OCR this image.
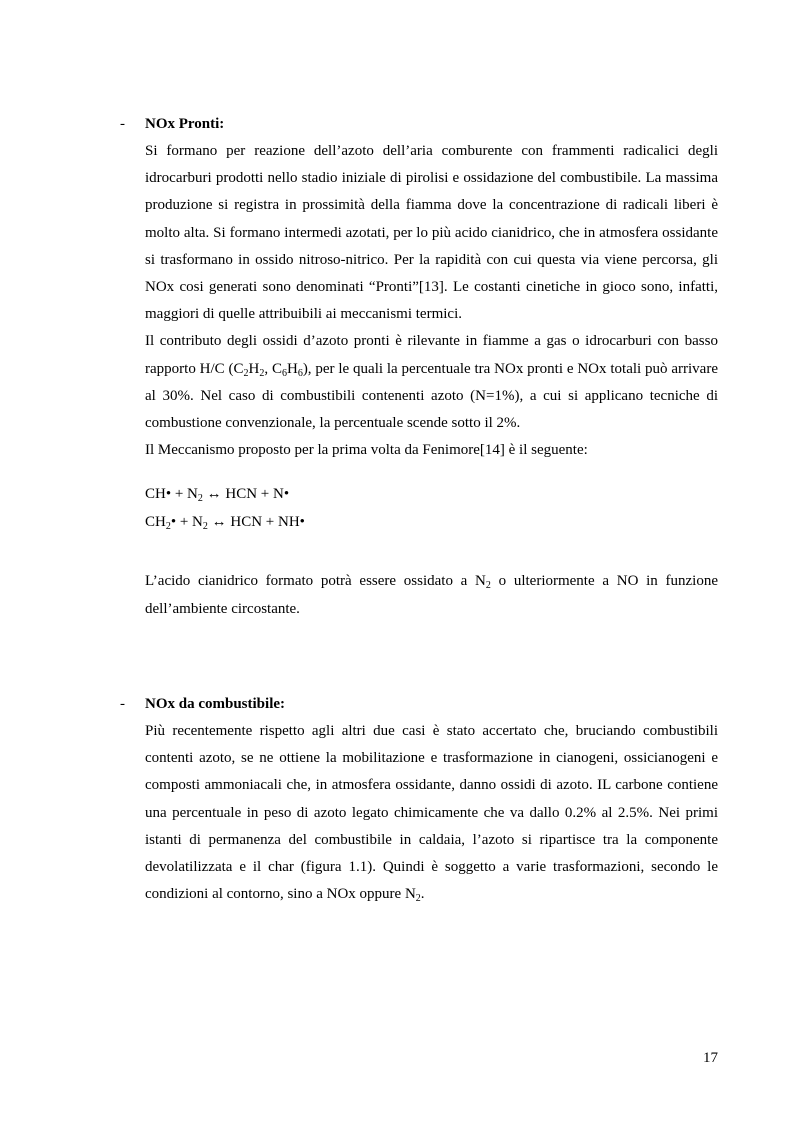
- NOx Pronti:

Si formano per reazione dell’azoto dell’aria comburente con frammenti radicalici degli idrocarburi prodotti nello stadio iniziale di pirolisi e ossidazione del combustibile. La massima produzione si registra in prossimità della fiamma dove la concentrazione di radicali liberi è molto alta. Si formano intermedi azotati, per lo più acido cianidrico, che in atmosfera ossidante si trasformano in ossido nitroso-nitrico. Per la rapidità con cui questa via viene percorsa, gli NOx cosi generati sono denominati “Pronti”[13]. Le costanti cinetiche in gioco sono, infatti, maggiori di quelle attribuibili ai meccanismi termici.

Il contributo degli ossidi d’azoto pronti è rilevante in fiamme a gas o idrocarburi con basso rapporto H/C ($C_2H_2$, $C_6H_6$), per le quali la percentuale tra NOx pronti e NOx totali può arrivare al 30%. Nel caso di combustibili contenenti azoto (N=1%), a cui si applicano tecniche di combustione convenzionale, la percentuale scende sotto il 2%.

Il Meccanismo proposto per la prima volta da Fenimore[14] è il seguente:

CH• + $N_2$ ↔ HCN + N•
$CH_2• + N_2$ ↔ HCN + NH•

L’acido cianidrico formato potrà essere ossidato a $N_2$ o ulteriormente a NO in funzione dell’ambiente circostante.

- NOx da combustibile:

Più recentemente rispetto agli altri due casi è stato accertato che, bruciando combustibili contenti azoto, se ne ottiene la mobilitazione e trasformazione in cianogeni, ossicianogeni e composti ammoniacali che, in atmosfera ossidante, danno ossidi di azoto. IL carbone contiene una percentuale in peso di azoto legato chimicamente che va dallo 0.2% al 2.5%. Nei primi istanti di permanenza del combustibile in caldaia, l’azoto si ripartisce tra la componente devolatilizzata e il char (figura 1.1). Quindi è soggetto a varie trasformazioni, secondo le condizioni al contorno, sino a NOx oppure $N_2$.

17
